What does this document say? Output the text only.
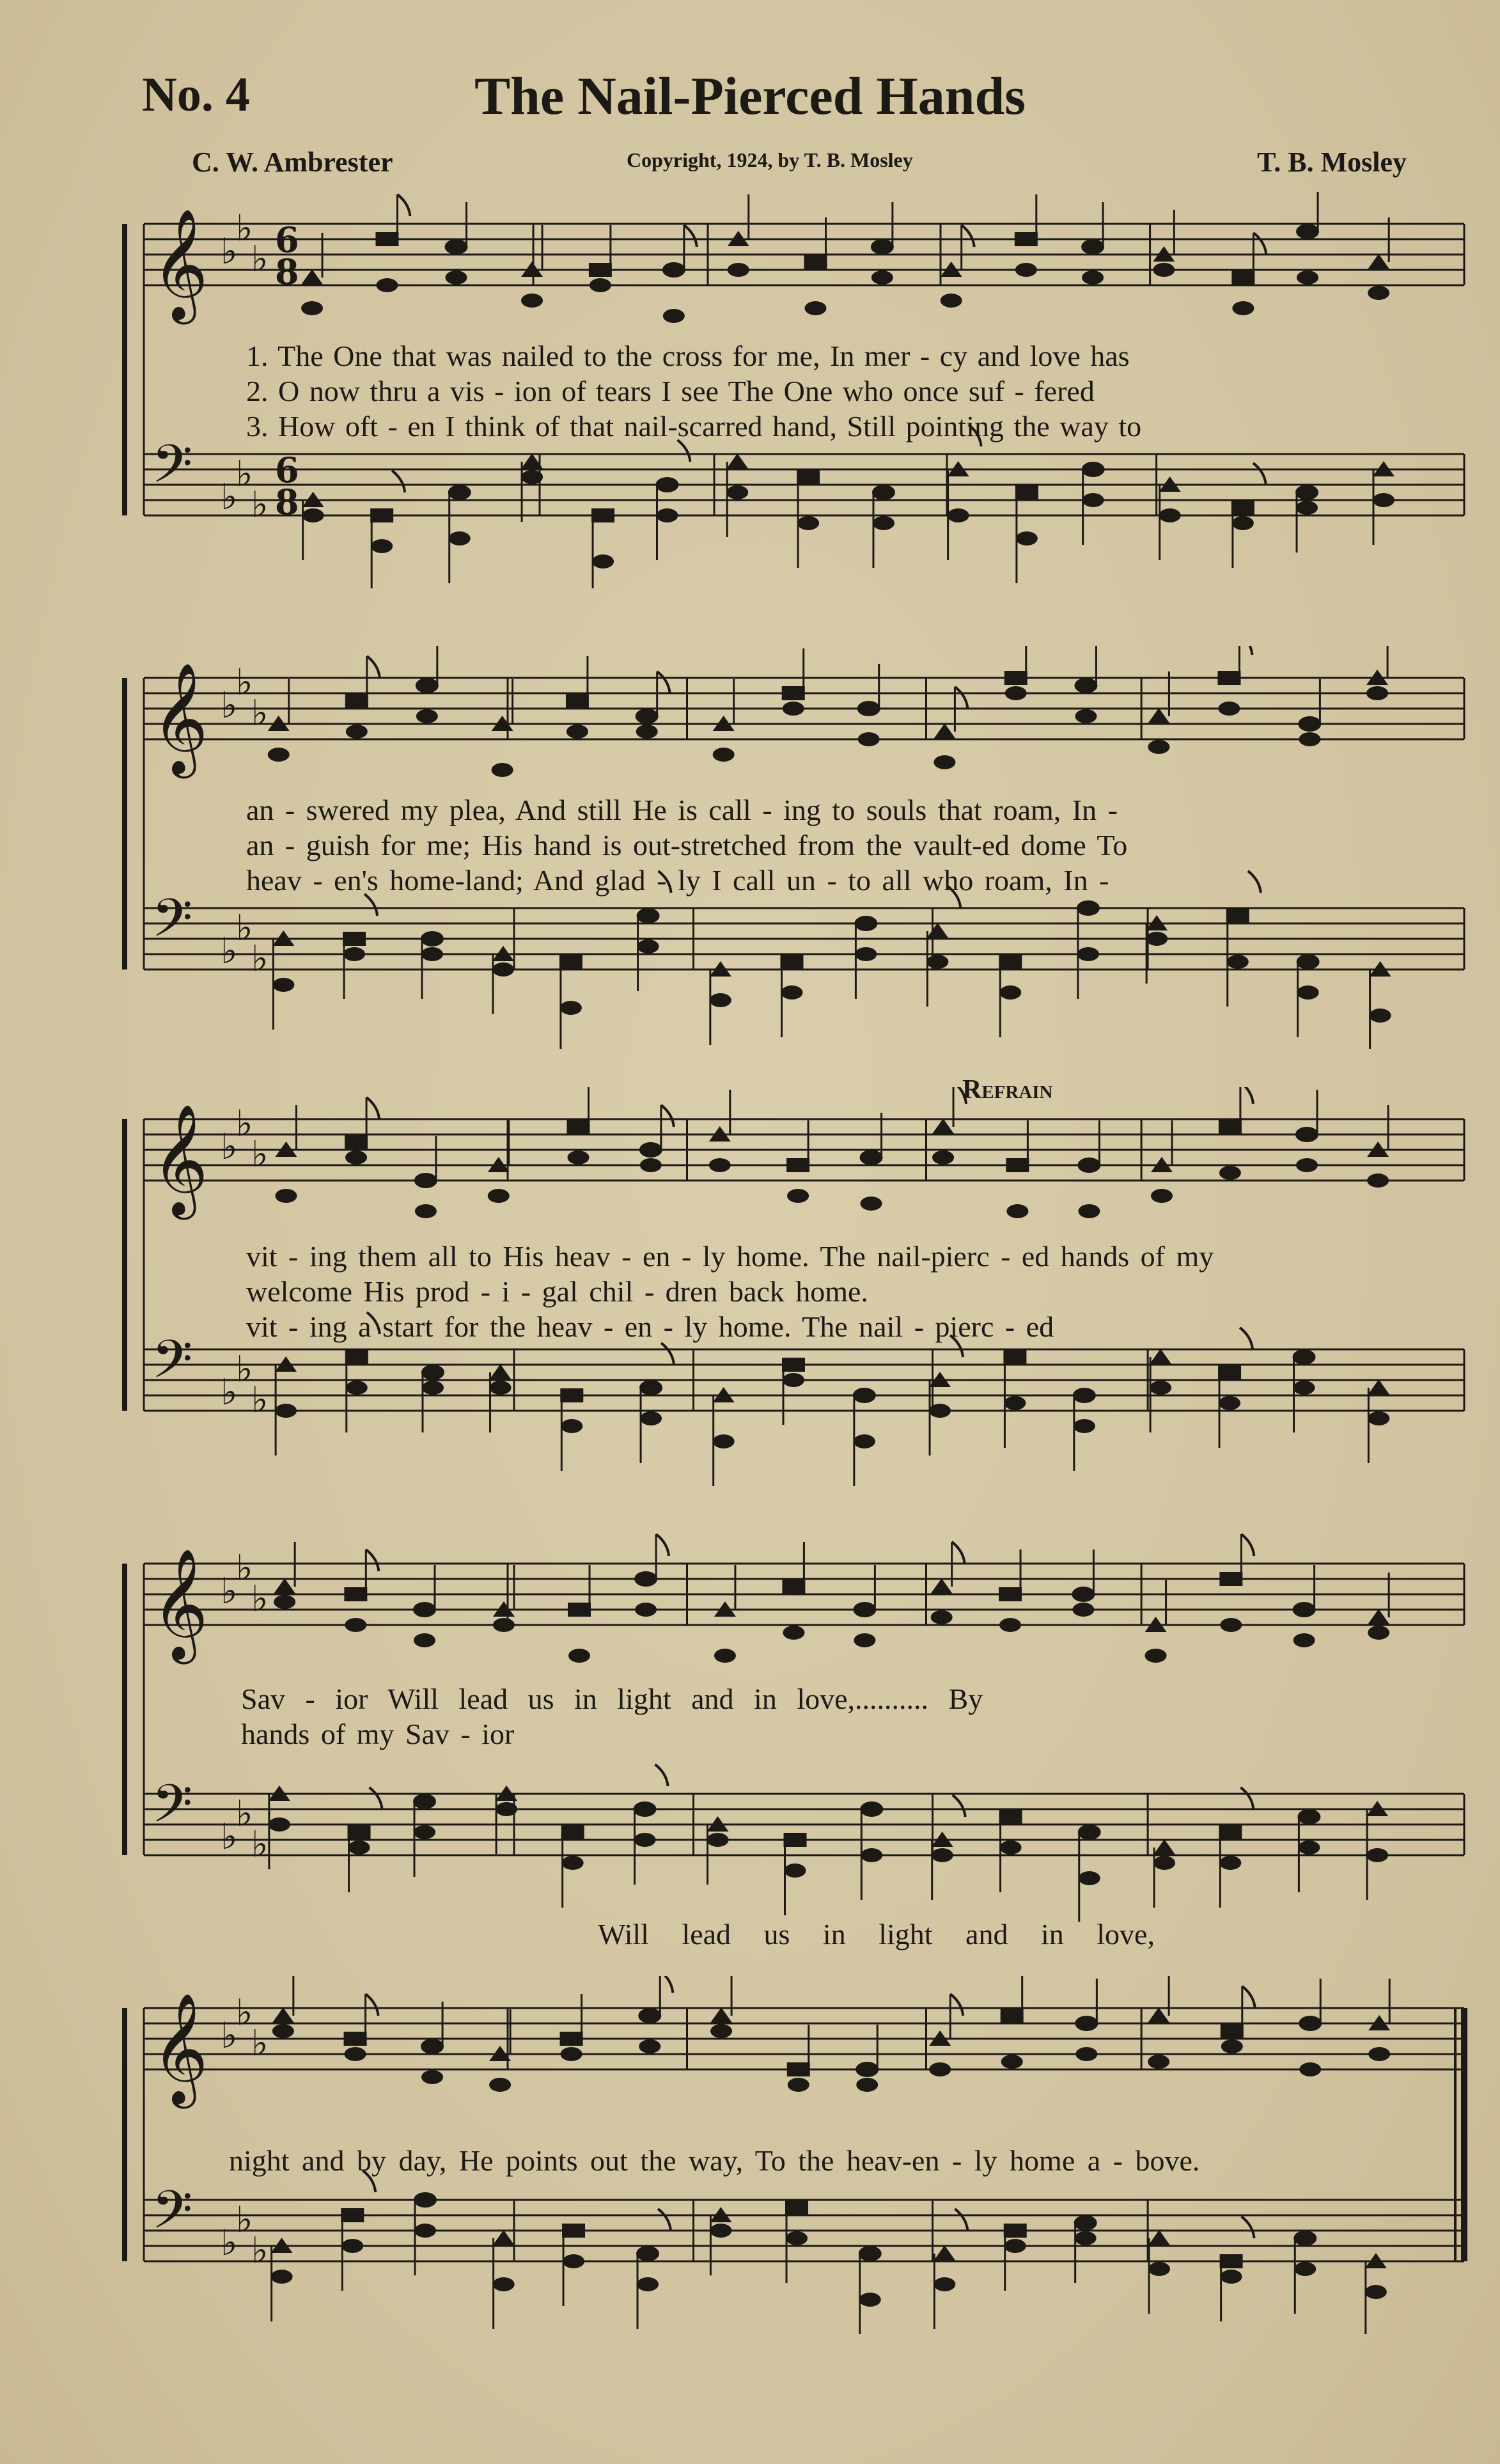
No. 4	The Nail-Pierced Hands
C. W. Ambrester	Copyright, 1924, by T. B. Mosley	T. B. Mosley
𝄞 ♭
♭
♭ 6
8
𝄢 ♭
♭
♭
6
8
1. The One that was nailed to the cross for me, In mer - cy and love has
2. O now thru a vis - ion of tears I see The One who once suf - fered
3. How oft - en I think of that nail-scarred hand, Still pointing the way to
𝄞 ♭
♭
♭
𝄢 ♭
♭
♭
an - swered my plea, And still He is call - ing to souls that roam, In -
an - guish for me; His hand is out-stretched from the vault-ed dome To
heav - en's home-land; And glad - ly I call un - to all who roam, In -
Refrain
𝄞 ♭
♭
♭
𝄢 ♭
♭
♭
vit - ing them all to His heav - en - ly home. The nail-pierc - ed hands of my
welcome His prod - i - gal chil - dren back home.
vit - ing a start for the heav - en - ly home. The nail - pierc - ed
𝄞 ♭
♭
♭
𝄢 ♭
♭
♭
Sav - ior Will lead us in light and in love,.......... By
hands of my Sav - ior
Will lead us in light and in love,
𝄞 ♭
♭
♭
𝄢 ♭
♭
♭
night and by day, He points out the way, To the heav-en - ly home a - bove.
